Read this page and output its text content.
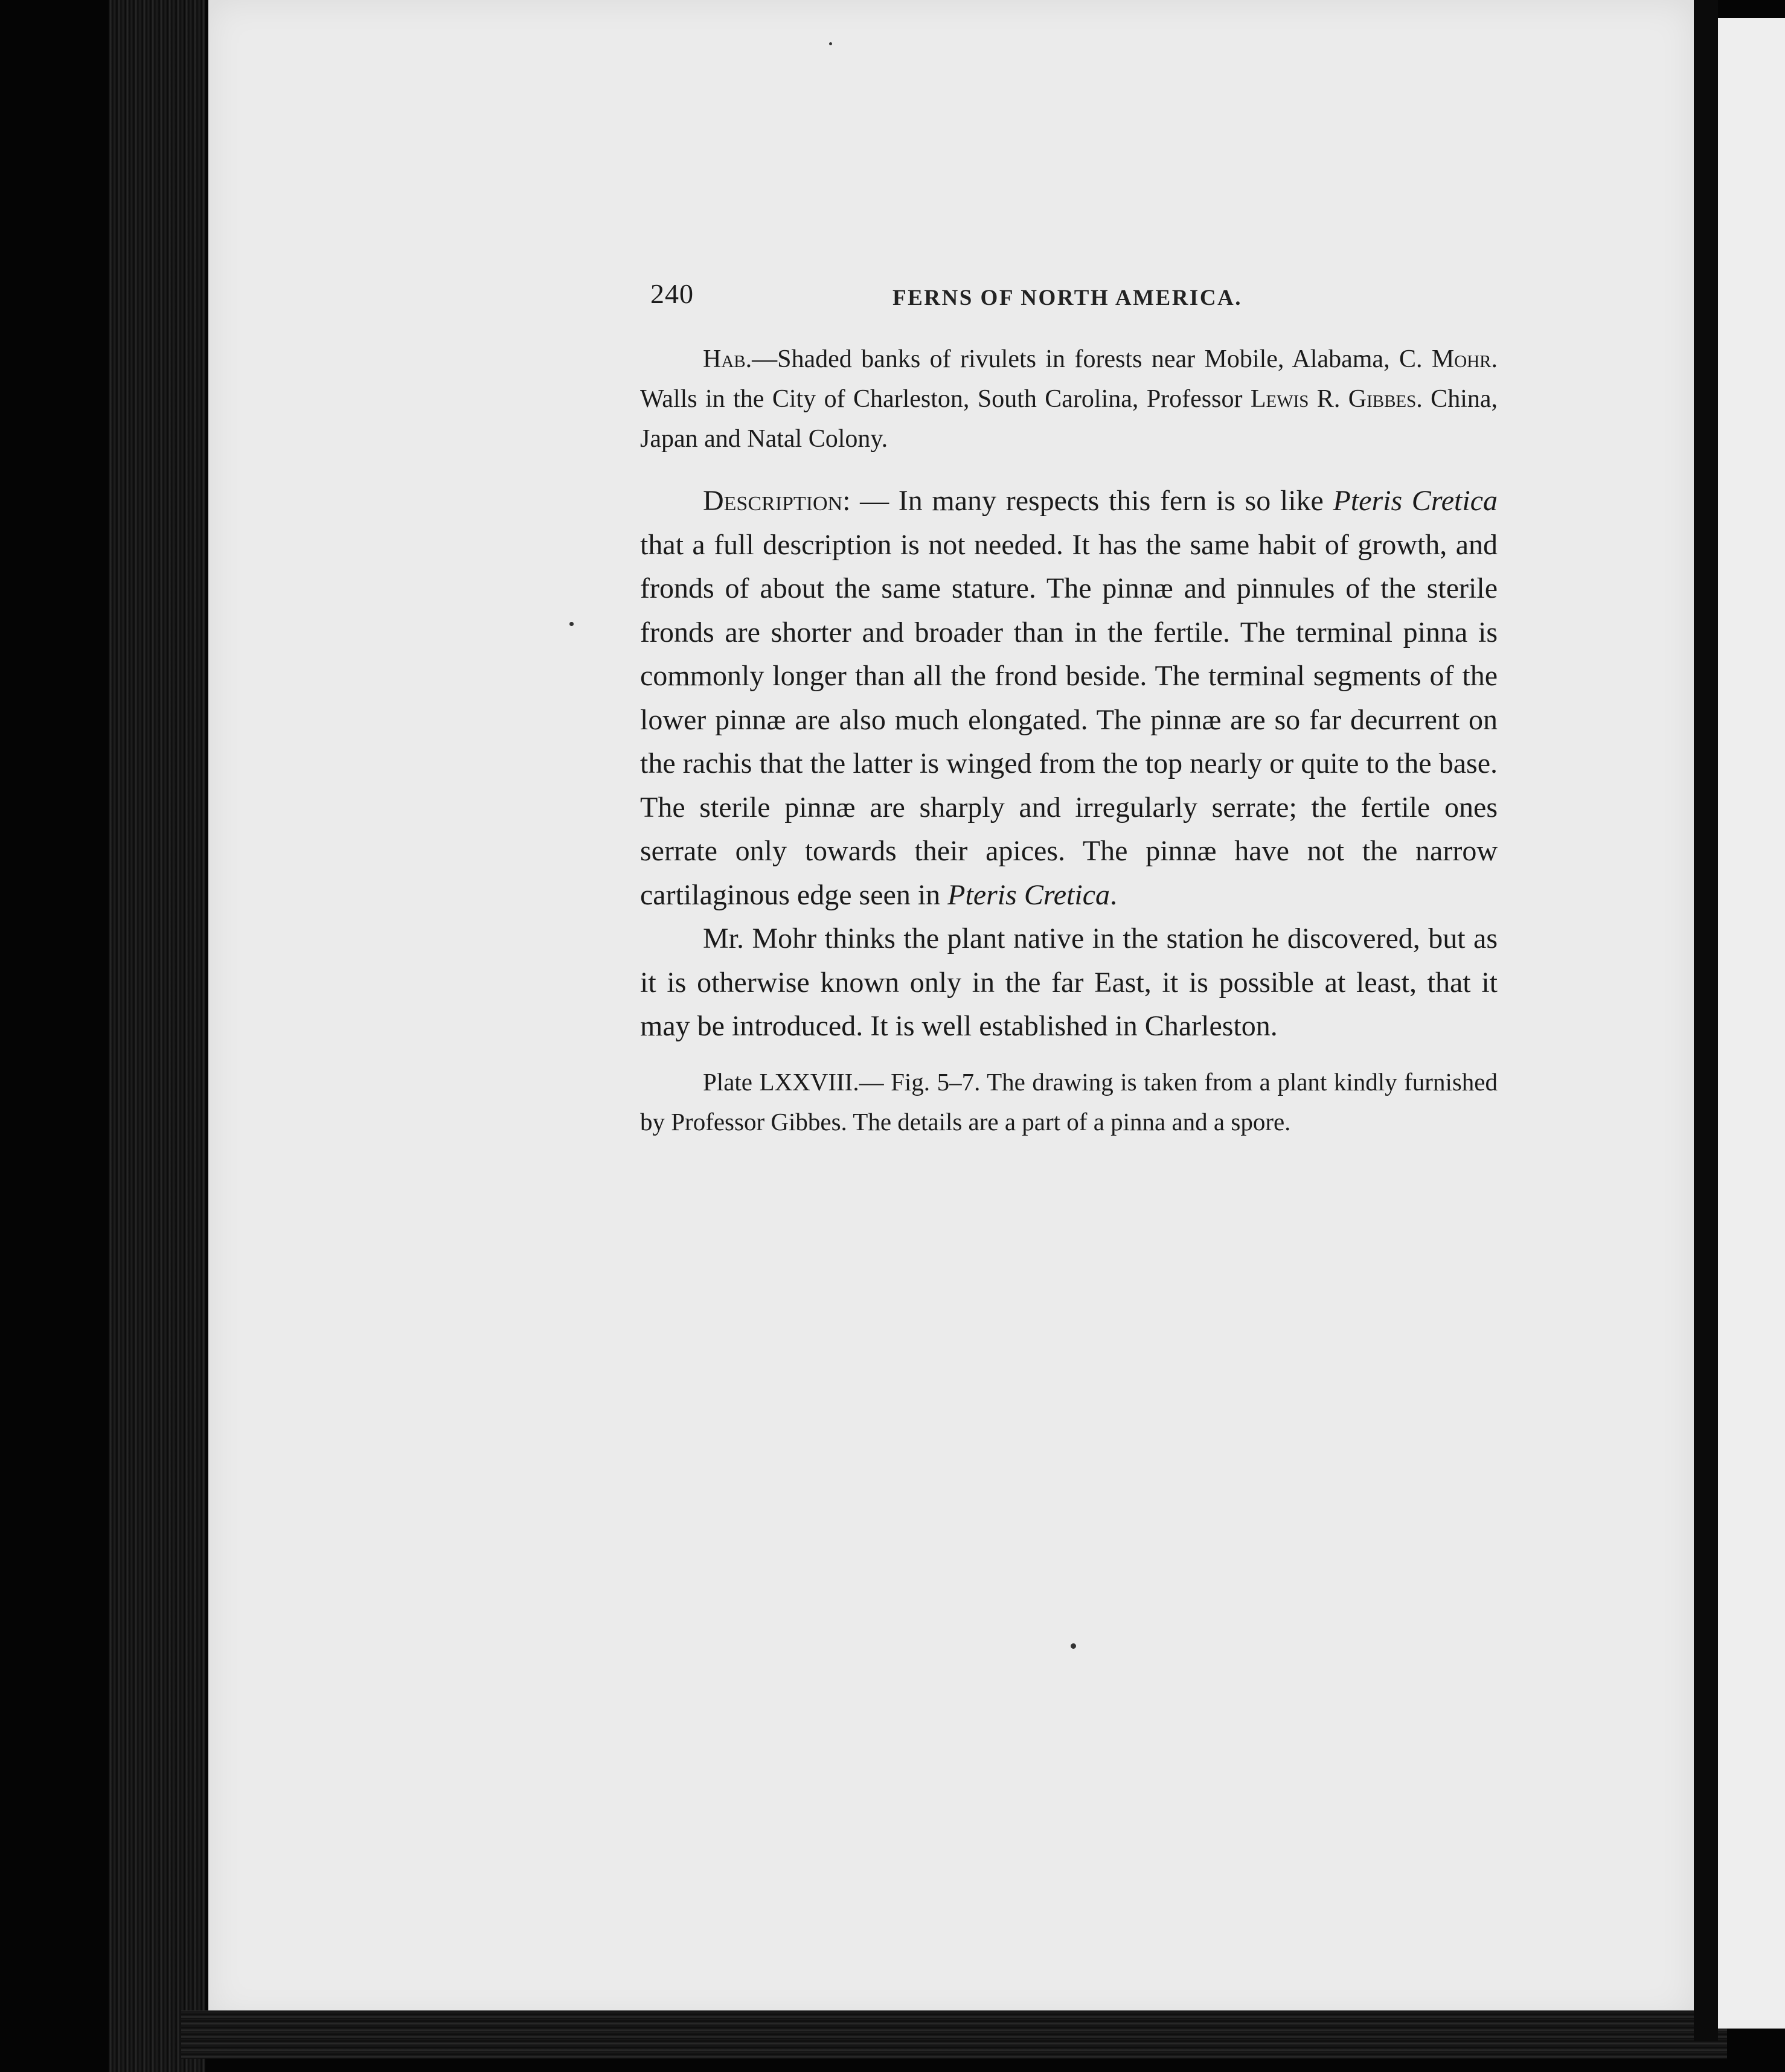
240	FERNS OF NORTH AMERICA.

Hab.—Shaded banks of rivulets in forests near Mobile, Alabama, C. Mohr. Walls in the City of Charleston, South Carolina, Professor Lewis R. Gibbes. China, Japan and Natal Colony.

Description: — In many respects this fern is so like Pteris Cretica that a full description is not needed. It has the same habit of growth, and fronds of about the same stature. The pinnæ and pinnules of the sterile fronds are shorter and broader than in the fertile. The terminal pinna is commonly longer than all the frond beside. The terminal segments of the lower pinnæ are also much elongated. The pinnæ are so far decurrent on the rachis that the latter is winged from the top nearly or quite to the base. The sterile pinnæ are sharply and irregularly serrate; the fertile ones serrate only towards their apices. The pinnæ have not the narrow cartilaginous edge seen in Pteris Cretica.

Mr. Mohr thinks the plant native in the station he discovered, but as it is otherwise known only in the far East, it is possible at least, that it may be introduced. It is well established in Charleston.

Plate LXXVIII.— Fig. 5–7. The drawing is taken from a plant kindly furnished by Professor Gibbes. The details are a part of a pinna and a spore.
